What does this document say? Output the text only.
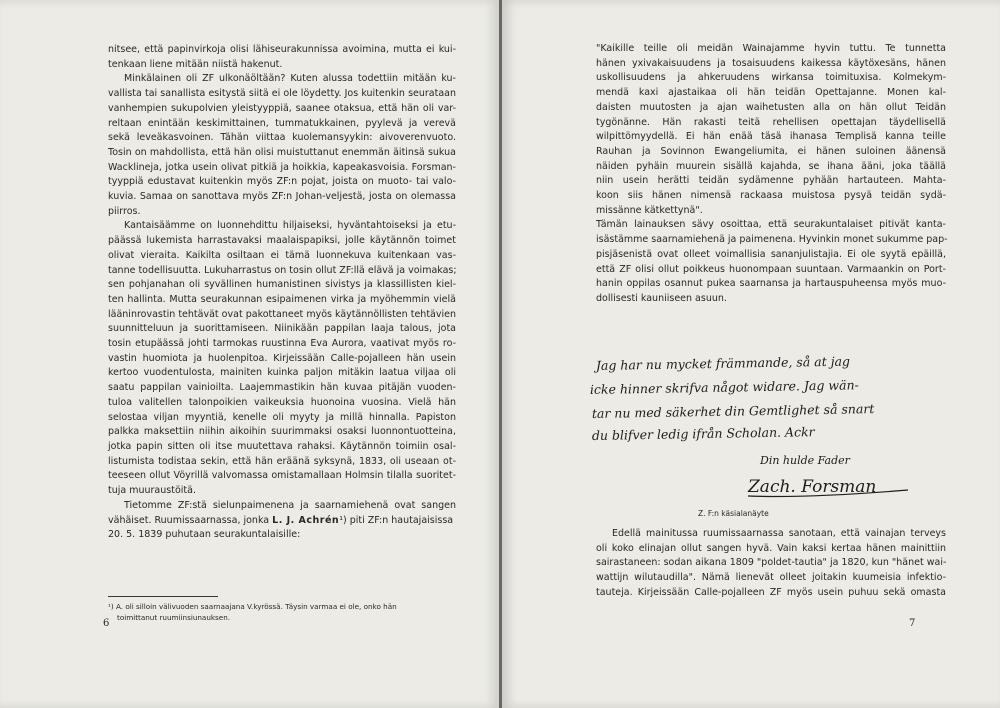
nitsee, että papinvirkoja olisi lähiseurakunnissa avoimina, mutta ei kui-
tenkaan liene mitään niistä hakenut.
Minkälainen oli ZF ulkonäöltään? Kuten alussa todettiin mitään ku-
vallista tai sanallista esitystä siitä ei ole löydetty. Jos kuitenkin seurataan
vanhempien sukupolvien yleistyyppiä, saanee otaksua, että hän oli var-
reltaan enintään keskimittainen, tummatukkainen, pyylevä ja verevä
sekä leveäkasvoinen. Tähän viittaa kuolemansyykin: aivoverenvuoto.
Tosin on mahdollista, että hän olisi muistuttanut enemmän äitinsä sukua
Wacklineja, jotka usein olivat pitkiä ja hoikkia, kapeakasvoisia. Forsman-
tyyppiä edustavat kuitenkin myös ZF:n pojat, joista on muoto- tai valo-
kuvia. Samaa on sanottava myös ZF:n Johan-veljestä, josta on olemassa
piirros.
Kantaisäämme on luonnehdittu hiljaiseksi, hyväntahtoiseksi ja etu-
päässä lukemista harrastavaksi maalaispapiksi, jolle käytännön toimet
olivat vieraita. Kaikilta osiltaan ei tämä luonnekuva kuitenkaan vas-
tanne todellisuutta. Lukuharrastus on tosin ollut ZF:llä elävä ja voimakas;
sen pohjanahan oli syvällinen humanistinen sivistys ja klassillisten kiel-
ten hallinta. Mutta seurakunnan esipaimenen virka ja myöhemmin vielä
lääninrovastin tehtävät ovat pakottaneet myös käytännöllisten tehtävien
suunnitteluun ja suorittamiseen. Niinikään pappilan laaja talous, jota
tosin etupäässä johti tarmokas ruustinna Eva Aurora, vaativat myös ro-
vastin huomiota ja huolenpitoa. Kirjeissään Calle-pojalleen hän usein
kertoo vuodentulosta, mainiten kuinka paljon mitäkin laatua viljaa oli
saatu pappilan vainioilta. Laajemmastikin hän kuvaa pitäjän vuoden-
tuloa valitellen talonpoikien vaikeuksia huonoina vuosina. Vielä hän
selostaa viljan myyntiä, kenelle oli myyty ja millä hinnalla. Papiston
palkka maksettiin niihin aikoihin suurimmaksi osaksi luonnontuotteina,
jotka papin sitten oli itse muutettava rahaksi. Käytännön toimiin osal-
listumista todistaa sekin, että hän eräänä syksynä, 1833, oli useaan ot-
teeseen ollut Vöyrillä valvomassa omistamallaan Holmsin tilalla suoritet-
tuja muuraustöitä.
Tietomme ZF:stä sielunpaimenena ja saarnamiehenä ovat sangen
vähäiset. Ruumissaarnassa, jonka L. J. Achrén¹) piti ZF:n hautajaisissa
20. 5. 1839 puhutaan seurakuntalaisille:
¹) A. oli silloin välivuoden saarnaajana V.kyrössä. Täysin varmaa ei ole, onko hän
toimittanut ruumiinsiunauksen.
6
"Kaikille teille oli meidän Wainajamme hyvin tuttu. Te tunnetta
hänen yxivakaisuudens ja tosaisuudens kaikessa käytöxesäns, hänen
uskollisuudens ja ahkeruudens wirkansa toimituxisa. Kolmekym-
mendä kaxi ajastaikaa oli hän teidän Opettajanne. Monen kal-
daisten muutosten ja ajan waihetusten alla on hän ollut Teidän
tygönänne. Hän rakasti teitä rehellisen opettajan täydellisellä
wilpittömyydellä. Ei hän enää täsä ihanasa Templisä kanna teille
Rauhan ja Sovinnon Ewangeliumita, ei hänen suloinen äänensä
näiden pyhäin muurein sisällä kajahda, se ihana ääni, joka täällä
niin usein herätti teidän sydämenne pyhään hartauteen. Mahta-
koon siis hänen nimensä rackaasa muistosa pysyä teidän sydä-
missänne kätkettynä".
Tämän lainauksen sävy osoittaa, että seurakuntalaiset pitivät kanta-
isästämme saarnamiehenä ja paimenena. Hyvinkin monet sukumme pap-
pisjäsenistä ovat olleet voimallisia sananjulistajia. Ei ole syytä epäillä,
että ZF olisi ollut poikkeus huonompaan suuntaan. Varmaankin on Port-
hanin oppilas osannut pukea saarnansa ja hartauspuheensa myös muo-
dollisesti kauniiseen asuun.
Jag har nu mycket främmande, så at jag
icke hinner skrifva något widare. Jag wän-
tar nu med säkerhet din Gemtlighet så snart
du blifver ledig ifrån Scholan. Ackr
Din hulde Fader
Zach. Forsman
Z. F:n käsialanäyte
Edellä mainitussa ruumissaarnassa sanotaan, että vainajan terveys
oli koko elinajan ollut sangen hyvä. Vain kaksi kertaa hänen mainittiin
sairastaneen: sodan aikana 1809 "poldet-tautia" ja 1820, kun "hänet wai-
wattijn wilutaudilla". Nämä lienevät olleet joitakin kuumeisia infektio-
tauteja. Kirjeissään Calle-pojalleen ZF myös usein puhuu sekä omasta
7
